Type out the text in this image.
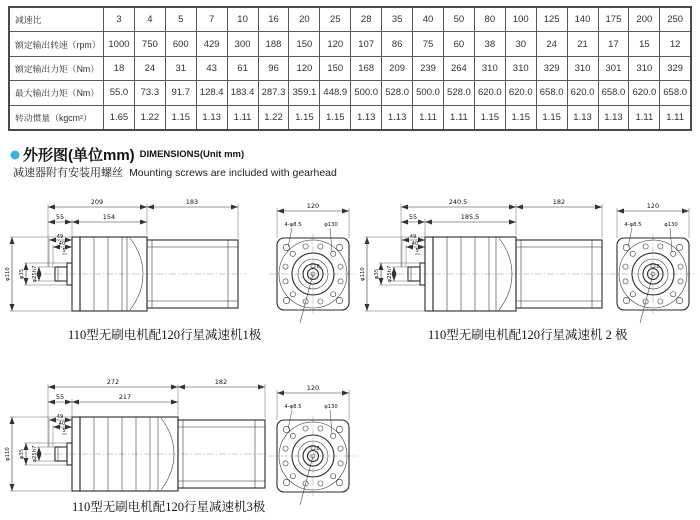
减速比	3	4	5	7	10	16	20	25	28	35	40	50	80	100	125	140	175	200	250
额定输出转速（rpm）	1000	750	600	429	300	188	150	120	107	86	75	60	38	30	24	21	17	15	12
额定输出力矩（Nm）	18	24	31	43	61	96	120	150	168	209	239	264	310	310	329	310	301	310	329
最大输出力矩（Nm）	55.0	73.3	91.7	128.4	183.4	287.3	359.1	448.9	500.0	528.0	500.0	528.0	620.0	620.0	658.0	620.0	658.0	620.0	658.0
转动惯量（kgcm²）	1.65	1.22	1.15	1.13	1.11	1.22	1.15	1.15	1.13	1.13	1.11	1.11	1.15	1.15	1.15	1.13	1.13	1.11	1.11
外形图(单位mm) DIMENSIONS(Unit mm)
减速器附有安装用螺丝 Mounting screws are included with gearhead
209	183
55	154
49
40
5
φ110 φ35 φ25h7
120
4-φ8.5	φ130
8
110型无刷电机配120行星减速机1极
240.5	182
55	185.5
49
40
5
φ110 φ35 φ25h7
120
4-φ8.5	φ130
8
110型无刷电机配120行星减速机 2 极
272	182
55	217
49
40
5
φ110 φ35 φ25h7
120
4-φ8.5	φ130
8
110型无刷电机配120行星减速机3极
